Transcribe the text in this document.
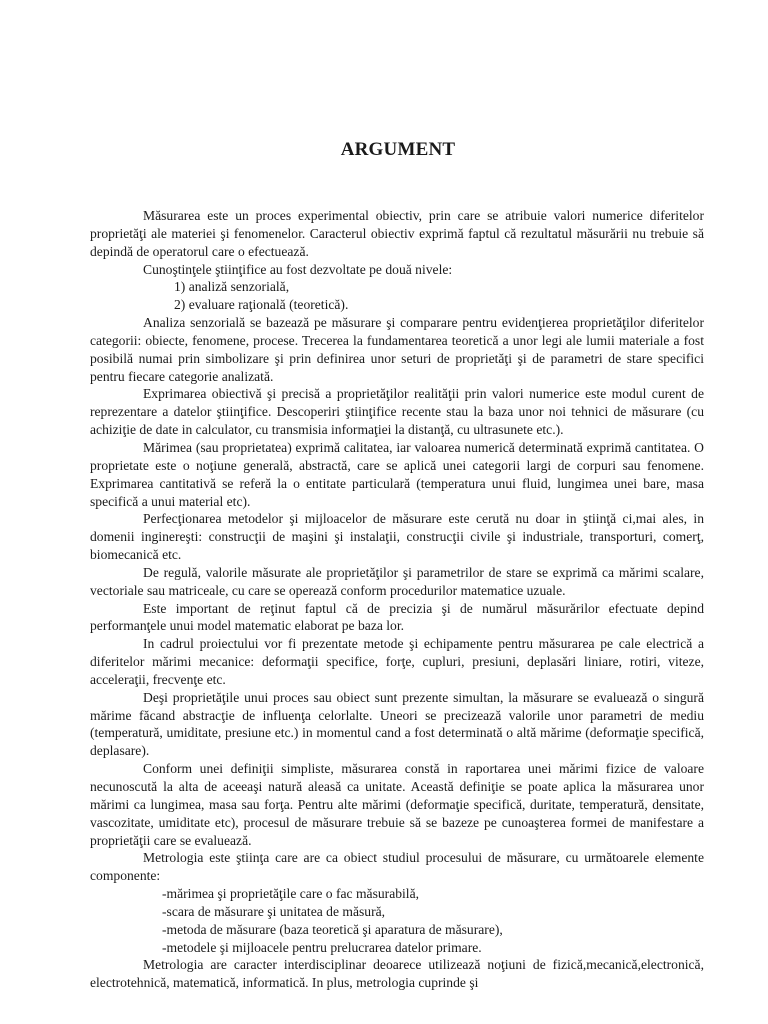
ARGUMENT

Măsurarea este un proces experimental obiectiv, prin care se atribuie valori numerice diferitelor proprietăţi ale materiei şi fenomenelor. Caracterul obiectiv exprimă faptul că rezultatul măsurării nu trebuie să depindă de operatorul care o efectuează.

Cunoştinţele ştiinţifice au fost dezvoltate pe două nivele:

1) analiză senzorială,

2) evaluare raţională (teoretică).

Analiza senzorială se bazează pe măsurare şi comparare pentru evidenţierea proprietăţilor diferitelor categorii: obiecte, fenomene, procese. Trecerea la fundamentarea teoretică a unor legi ale lumii materiale a fost posibilă numai prin simbolizare şi prin definirea unor seturi de proprietăţi şi de parametri de stare specifici pentru fiecare categorie analizată.

Exprimarea obiectivă şi precisă a proprietăţilor realităţii prin valori numerice este modul curent de reprezentare a datelor ştiinţifice. Descoperiri ştiinţifice recente stau la baza unor noi tehnici de măsurare (cu achiziţie de date in calculator, cu transmisia informaţiei la distanţă, cu ultrasunete etc.).

Mărimea (sau proprietatea) exprimă calitatea, iar valoarea numerică determinată exprimă cantitatea. O proprietate este o noţiune generală, abstractă, care se aplică unei categorii largi de corpuri sau fenomene. Exprimarea cantitativă se referă la o entitate particulară (temperatura unui fluid, lungimea unei bare, masa specifică a unui material etc).

Perfecţionarea metodelor şi mijloacelor de măsurare este cerută nu doar in ştiinţă ci,mai ales, in domenii inginereşti: construcţii de maşini şi instalaţii, construcţii civile şi industriale, transporturi, comerţ, biomecanică etc.

De regulă, valorile măsurate ale proprietăţilor şi parametrilor de stare se exprimă ca mărimi scalare, vectoriale sau matriceale, cu care se operează conform procedurilor matematice uzuale.

Este important de reţinut faptul că de precizia şi de numărul măsurărilor efectuate depind performanţele unui model matematic elaborat pe baza lor.

In cadrul proiectului vor fi prezentate metode şi echipamente pentru măsurarea pe cale electrică a diferitelor mărimi mecanice: deformaţii specifice, forţe, cupluri, presiuni, deplasări liniare, rotiri, viteze, acceleraţii, frecvenţe etc.

Deşi proprietăţile unui proces sau obiect sunt prezente simultan, la măsurare se evaluează o singură mărime făcand abstracţie de influenţa celorlalte. Uneori se precizează valorile unor parametri de mediu (temperatură, umiditate, presiune etc.) in momentul cand a fost determinată o altă mărime (deformaţie specifică, deplasare).

Conform unei definiţii simpliste, măsurarea constă in raportarea unei mărimi fizice de valoare necunoscută la alta de aceeaşi natură aleasă ca unitate. Această definiţie se poate aplica la măsurarea unor mărimi ca lungimea, masa sau forţa. Pentru alte mărimi (deformaţie specifică, duritate, temperatură, densitate, vascozitate, umiditate etc), procesul de măsurare trebuie să se bazeze pe cunoaşterea formei de manifestare a proprietăţii care se evaluează.

Metrologia este ştiinţa care are ca obiect studiul procesului de măsurare, cu următoarele elemente componente:

-mărimea şi proprietăţile care o fac măsurabilă,

-scara de măsurare şi unitatea de măsură,

-metoda de măsurare (baza teoretică şi aparatura de măsurare),

-metodele şi mijloacele pentru prelucrarea datelor primare.

Metrologia are caracter interdisciplinar deoarece utilizează noţiuni de fizică,mecanică,electronică, electrotehnică, matematică, informatică. In plus, metrologia cuprinde şi
